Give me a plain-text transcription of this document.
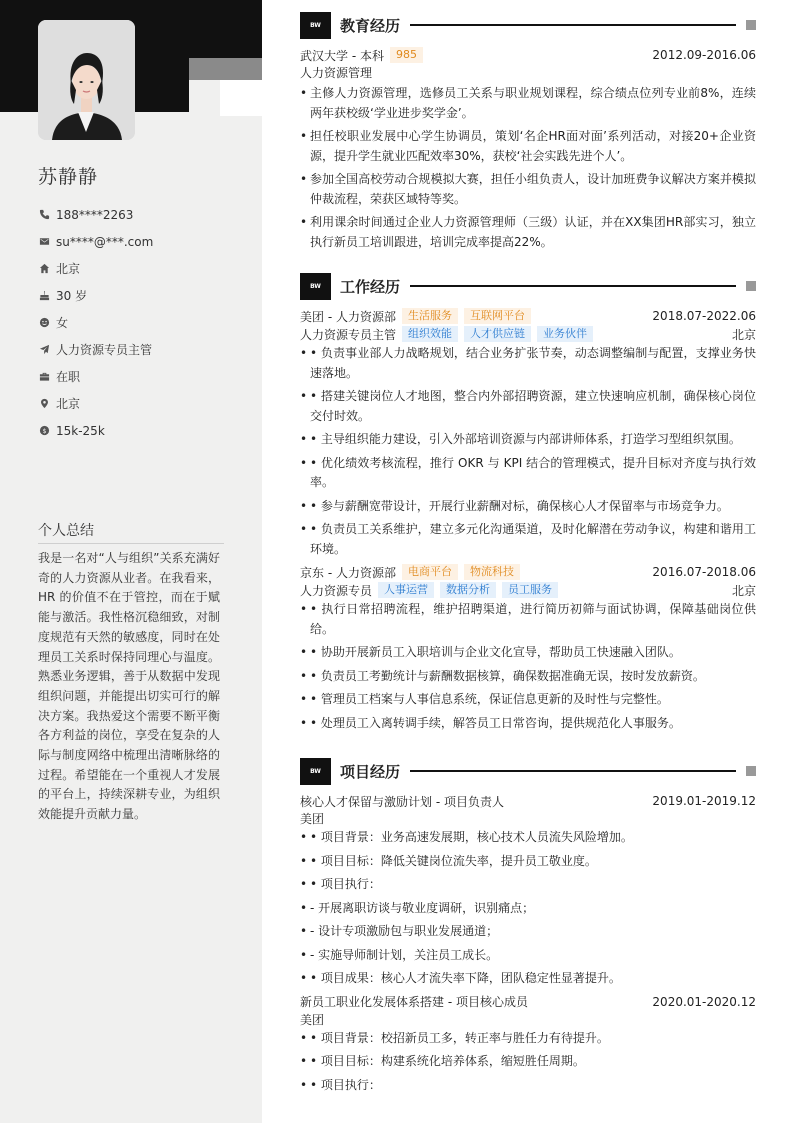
苏静静
188****2263
su****@***.com
北京
30 岁
女
人力资源专员主管
在职
北京
$ 15k-25k
个人总结
我是一名对“人与组织”关系充满好奇的人力资源从业者。在我看来，HR 的价值不在于管控，而在于赋能与激活。我性格沉稳细致，对制度规范有天然的敏感度，同时在处理员工关系时保持同理心与温度。熟悉业务逻辑，善于从数据中发现组织问题，并能提出切实可行的解决方案。我热爱这个需要不断平衡各方利益的岗位，享受在复杂的人际与制度网络中梳理出清晰脉络的过程。希望能在一个重视人才发展的平台上，持续深耕专业，为组织效能提升贡献力量。
BW	教育经历
武汉大学 - 本科	985	2012.09-2016.06
人力资源管理
• 主修人力资源管理，选修员工关系与职业规划课程，综合绩点位列专业前8%，连续两年获校级‘学业进步奖学金’。
• 担任校职业发展中心学生协调员，策划‘名企HR面对面’系列活动，对接20+企业资源，提升学生就业匹配效率30%，获校‘社会实践先进个人’。
• 参加全国高校劳动合规模拟大赛，担任小组负责人，设计加班费争议解决方案并模拟仲裁流程，荣获区域特等奖。
• 利用课余时间通过企业人力资源管理师（三级）认证，并在XX集团HR部实习，独立执行新员工培训跟进，培训完成率提高22%。
BW	工作经历
美团 - 人力资源部	生活服务	互联网平台	2018.07-2022.06
人力资源专员主管	组织效能	人才供应链	业务伙伴	北京
• • 负责事业部人力战略规划，结合业务扩张节奏，动态调整编制与配置，支撑业务快速落地。
• • 搭建关键岗位人才地图，整合内外部招聘资源，建立快速响应机制，确保核心岗位交付时效。
• • 主导组织能力建设，引入外部培训资源与内部讲师体系，打造学习型组织氛围。
• • 优化绩效考核流程，推行 OKR 与 KPI 结合的管理模式，提升目标对齐度与执行效率。
• • 参与薪酬宽带设计，开展行业薪酬对标，确保核心人才保留率与市场竞争力。
• • 负责员工关系维护，建立多元化沟通渠道，及时化解潜在劳动争议，构建和谐用工环境。
京东 - 人力资源部	电商平台	物流科技	2016.07-2018.06
人力资源专员	人事运营	数据分析	员工服务	北京
• • 执行日常招聘流程，维护招聘渠道，进行简历初筛与面试协调，保障基础岗位供给。
• • 协助开展新员工入职培训与企业文化宣导，帮助员工快速融入团队。
• • 负责员工考勤统计与薪酬数据核算，确保数据准确无误，按时发放薪资。
• • 管理员工档案与人事信息系统，保证信息更新的及时性与完整性。
• • 处理员工入离转调手续，解答员工日常咨询，提供规范化人事服务。
BW	项目经历
核心人才保留与激励计划 - 项目负责人	2019.01-2019.12
美团
• • 项目背景：业务高速发展期，核心技术人员流失风险增加。
• • 项目目标：降低关键岗位流失率，提升员工敬业度。
• • 项目执行：
• - 开展离职访谈与敬业度调研，识别痛点；
• - 设计专项激励包与职业发展通道；
• - 实施导师制计划，关注员工成长。
• • 项目成果：核心人才流失率下降，团队稳定性显著提升。
新员工职业化发展体系搭建 - 项目核心成员	2020.01-2020.12
美团
• • 项目背景：校招新员工多，转正率与胜任力有待提升。
• • 项目目标：构建系统化培养体系，缩短胜任周期。
• • 项目执行：
